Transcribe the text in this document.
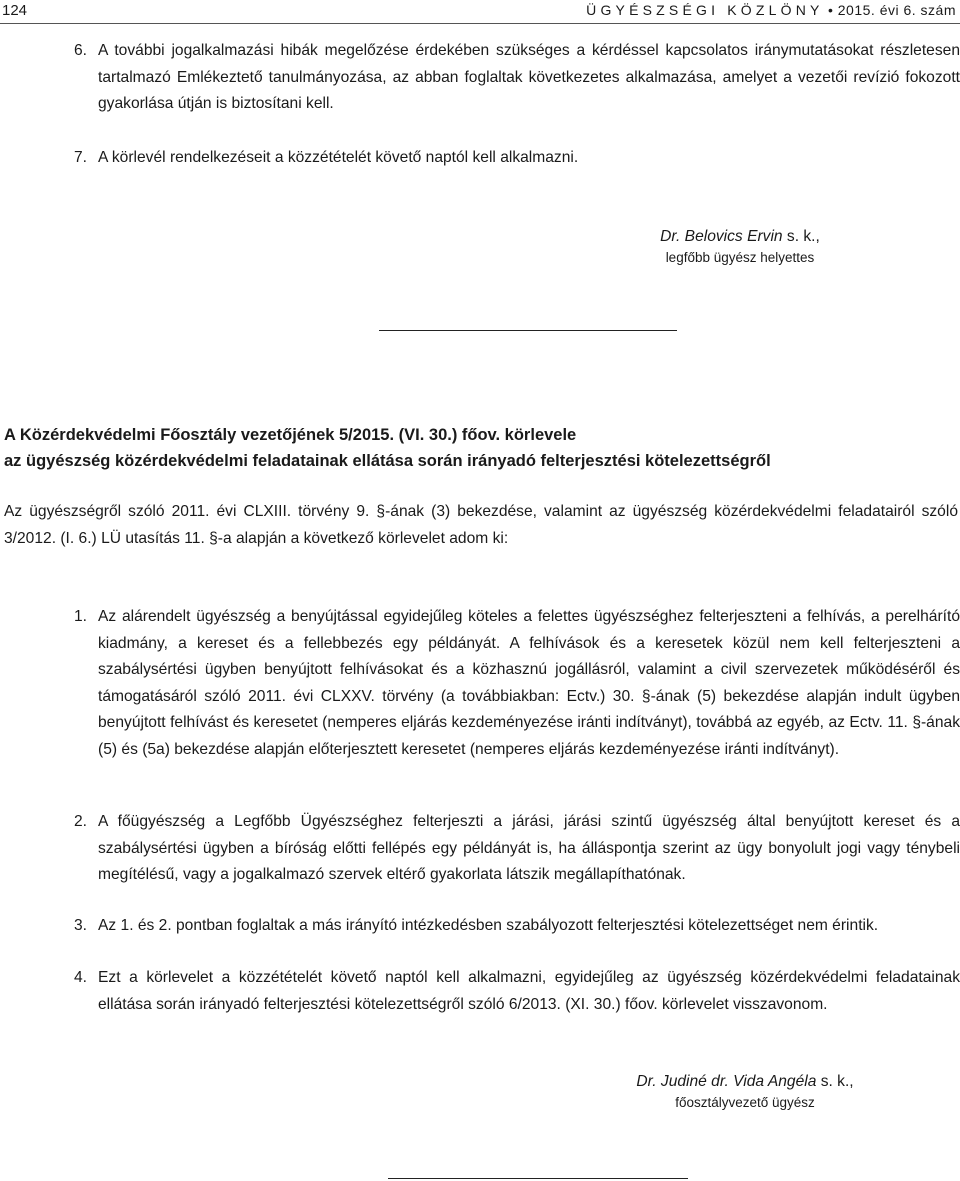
124	ÜGYÉSZSÉGI KÖZLÖNY • 2015. évi 6. szám
6. A további jogalkalmazási hibák megelőzése érdekében szükséges a kérdéssel kapcsolatos iránymutatásokat részletesen tartalmazó Emlékeztető tanulmányozása, az abban foglaltak következetes alkalmazása, amelyet a vezetői revízió fokozott gyakorlása útján is biztosítani kell.
7. A körlevél rendelkezéseit a közzétételét követő naptól kell alkalmazni.
Dr. Belovics Ervin s. k.,
legfőbb ügyész helyettes
A Közérdekvédelmi Főosztály vezetőjének 5/2015. (VI. 30.) főov. körlevele
az ügyészség közérdekvédelmi feladatainak ellátása során irányadó felterjesztési kötelezettségről
Az ügyészségről szóló 2011. évi CLXIII. törvény 9. §-ának (3) bekezdése, valamint az ügyészség közérdekvédelmi feladatairól szóló 3/2012. (I. 6.) LÜ utasítás 11. §-a alapján a következő körlevelet adom ki:
1. Az alárendelt ügyészség a benyújtással egyidejűleg köteles a felettes ügyészséghez felterjeszteni a felhívás, a perelhárító kiadmány, a kereset és a fellebbezés egy példányát. A felhívások és a keresetek közül nem kell felterjeszteni a szabálysértési ügyben benyújtott felhívásokat és a közhasznú jogállásról, valamint a civil szervezetek működéséről és támogatásáról szóló 2011. évi CLXXV. törvény (a továbbiakban: Ectv.) 30. §-ának (5) bekezdése alapján indult ügyben benyújtott felhívást és keresetet (nemperes eljárás kezdeményezése iránti indítványt), továbbá az egyéb, az Ectv. 11. §-ának (5) és (5a) bekezdése alapján előterjesztett keresetet (nemperes eljárás kezdeményezése iránti indítványt).
2. A főügyészség a Legfőbb Ügyészséghez felterjeszti a járási, járási szintű ügyészség által benyújtott kereset és a szabálysértési ügyben a bíróság előtti fellépés egy példányát is, ha álláspontja szerint az ügy bonyolult jogi vagy ténybeli megítélésű, vagy a jogalkalmazó szervek eltérő gyakorlata látszik megállapíthatónak.
3. Az 1. és 2. pontban foglaltak a más irányító intézkedésben szabályozott felterjesztési kötelezettséget nem érintik.
4. Ezt a körlevelet a közzétételét követő naptól kell alkalmazni, egyidejűleg az ügyészség közérdekvédelmi feladatainak ellátása során irányadó felterjesztési kötelezettségről szóló 6/2013. (XI. 30.) főov. körlevelet visszavonom.
Dr. Judiné dr. Vida Angéla s. k.,
főosztályvezető ügyész
